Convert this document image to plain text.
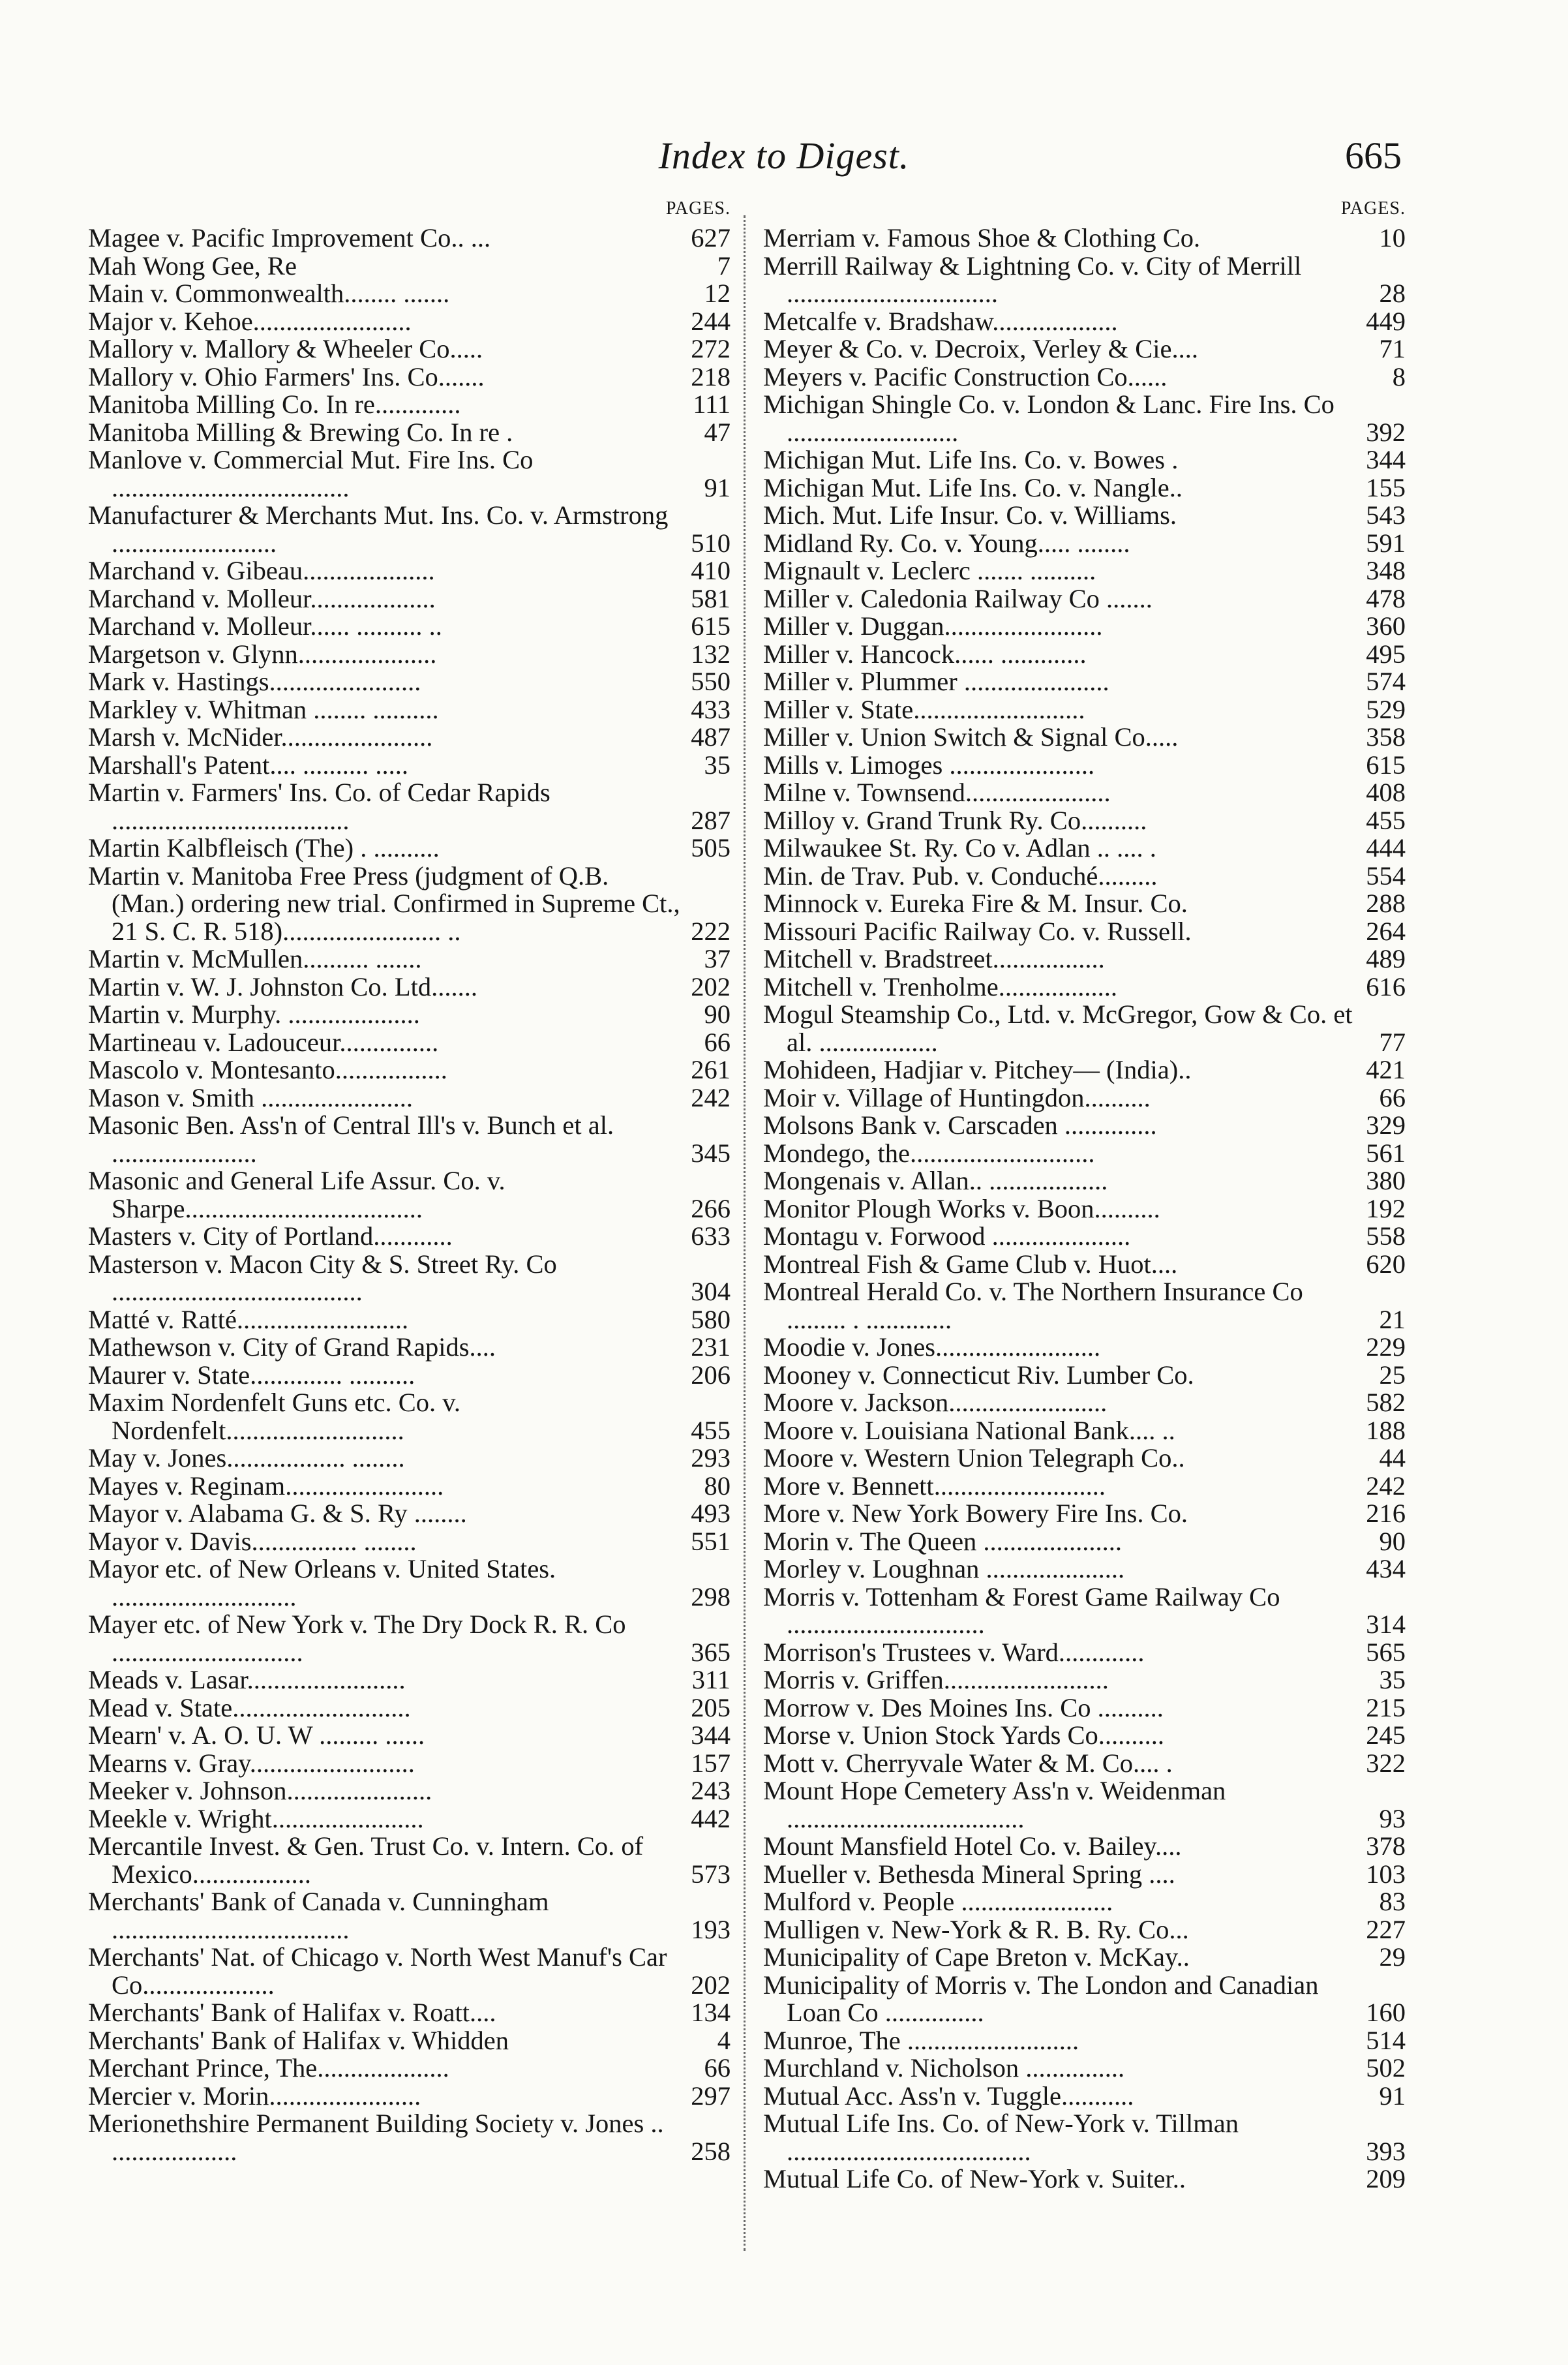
Index to Digest.	665
PAGES.
Magee v. Pacific Improvement Co.. ...	627
Mah Wong Gee, Re	7
Main v. Commonwealth........ .......	12
Major v. Kehoe........................	244
Mallory v. Mallory & Wheeler Co.....	272
Mallory v. Ohio Farmers' Ins. Co.......	218
Manitoba Milling Co. In re.............	111
Manitoba Milling & Brewing Co. In re .	47
Manlove v. Commercial Mut. Fire Ins. Co ....................................	91
Manufacturer & Merchants Mut. Ins. Co. v. Armstrong .........................	510
Marchand v. Gibeau....................	410
Marchand v. Molleur...................	581
Marchand v. Molleur...... .......... ..	615
Margetson v. Glynn.....................	132
Mark v. Hastings.......................	550
Markley v. Whitman ........ ..........	433
Marsh v. McNider.......................	487
Marshall's Patent.... .......... .....	35
Martin v. Farmers' Ins. Co. of Cedar Rapids ....................................	287
Martin Kalbfleisch (The) . ..........	505
Martin v. Manitoba Free Press (judgment of Q.B. (Man.) ordering new trial. Confirmed in Supreme Ct., 21 S. C. R. 518)........................ ..	222
Martin v. McMullen.......... .......	37
Martin v. W. J. Johnston Co. Ltd.......	202
Martin v. Murphy. ....................	90
Martineau v. Ladouceur...............	66
Mascolo v. Montesanto.................	261
Mason v. Smith .......................	242
Masonic Ben. Ass'n of Central Ill's v. Bunch et al. ......................	345
Masonic and General Life Assur. Co. v. Sharpe....................................	266
Masters v. City of Portland............	633
Masterson v. Macon City & S. Street Ry. Co ......................................	304
Matté v. Ratté..........................	580
Mathewson v. City of Grand Rapids....	231
Maurer v. State.............. ..........	206
Maxim Nordenfelt Guns etc. Co. v. Nordenfelt...........................	455
May v. Jones.................. ........	293
Mayes v. Reginam........................	80
Mayor v. Alabama G. & S. Ry ........	493
Mayor v. Davis................ ........	551
Mayor etc. of New Orleans v. United States. ............................	298
Mayer etc. of New York v. The Dry Dock R. R. Co .............................	365
Meads v. Lasar........................	311
Mead v. State...........................	205
Mearn' v. A. O. U. W ......... ......	344
Mearns v. Gray.........................	157
Meeker v. Johnson......................	243
Meekle v. Wright.......................	442
Mercantile Invest. & Gen. Trust Co. v. Intern. Co. of Mexico..................	573
Merchants' Bank of Canada v. Cunningham ....................................	193
Merchants' Nat. of Chicago v. North West Manuf's Car Co....................	202
Merchants' Bank of Halifax v. Roatt....	134
Merchants' Bank of Halifax v. Whidden	4
Merchant Prince, The....................	66
Mercier v. Morin.......................	297
Merionethshire Permanent Building Society v. Jones .. ...................	258
PAGES.
Merriam v. Famous Shoe & Clothing Co.	10
Merrill Railway & Lightning Co. v. City of Merrill ................................	28
Metcalfe v. Bradshaw...................	449
Meyer & Co. v. Decroix, Verley & Cie....	71
Meyers v. Pacific Construction Co......	8
Michigan Shingle Co. v. London & Lanc. Fire Ins. Co ..........................	392
Michigan Mut. Life Ins. Co. v. Bowes .	344
Michigan Mut. Life Ins. Co. v. Nangle..	155
Mich. Mut. Life Insur. Co. v. Williams.	543
Midland Ry. Co. v. Young..... ........	591
Mignault v. Leclerc ....... ..........	348
Miller v. Caledonia Railway Co .......	478
Miller v. Duggan........................	360
Miller v. Hancock...... .............	495
Miller v. Plummer ......................	574
Miller v. State..........................	529
Miller v. Union Switch & Signal Co.....	358
Mills v. Limoges ......................	615
Milne v. Townsend......................	408
Milloy v. Grand Trunk Ry. Co..........	455
Milwaukee St. Ry. Co v. Adlan .. .... .	444
Min. de Trav. Pub. v. Conduché.........	554
Minnock v. Eureka Fire & M. Insur. Co.	288
Missouri Pacific Railway Co. v. Russell.	264
Mitchell v. Bradstreet.................	489
Mitchell v. Trenholme..................	616
Mogul Steamship Co., Ltd. v. McGregor, Gow & Co. et al. ..................	77
Mohideen, Hadjiar v. Pitchey— (India)..	421
Moir v. Village of Huntingdon..........	66
Molsons Bank v. Carscaden ..............	329
Mondego, the............................	561
Mongenais v. Allan.. ..................	380
Monitor Plough Works v. Boon..........	192
Montagu v. Forwood .....................	558
Montreal Fish & Game Club v. Huot....	620
Montreal Herald Co. v. The Northern Insurance Co ......... . .............	21
Moodie v. Jones.........................	229
Mooney v. Connecticut Riv. Lumber Co.	25
Moore v. Jackson........................	582
Moore v. Louisiana National Bank.... ..	188
Moore v. Western Union Telegraph Co..	44
More v. Bennett..........................	242
More v. New York Bowery Fire Ins. Co.	216
Morin v. The Queen .....................	90
Morley v. Loughnan .....................	434
Morris v. Tottenham & Forest Game Railway Co ..............................	314
Morrison's Trustees v. Ward.............	565
Morris v. Griffen.........................	35
Morrow v. Des Moines Ins. Co ..........	215
Morse v. Union Stock Yards Co..........	245
Mott v. Cherryvale Water & M. Co.... .	322
Mount Hope Cemetery Ass'n v. Weidenman ....................................	93
Mount Mansfield Hotel Co. v. Bailey....	378
Mueller v. Bethesda Mineral Spring ....	103
Mulford v. People .......................	83
Mulligen v. New-York & R. B. Ry. Co...	227
Municipality of Cape Breton v. McKay..	29
Municipality of Morris v. The London and Canadian Loan Co ...............	160
Munroe, The ..........................	514
Murchland v. Nicholson ...............	502
Mutual Acc. Ass'n v. Tuggle...........	91
Mutual Life Ins. Co. of New-York v. Tillman .....................................	393
Mutual Life Co. of New-York v. Suiter..	209
